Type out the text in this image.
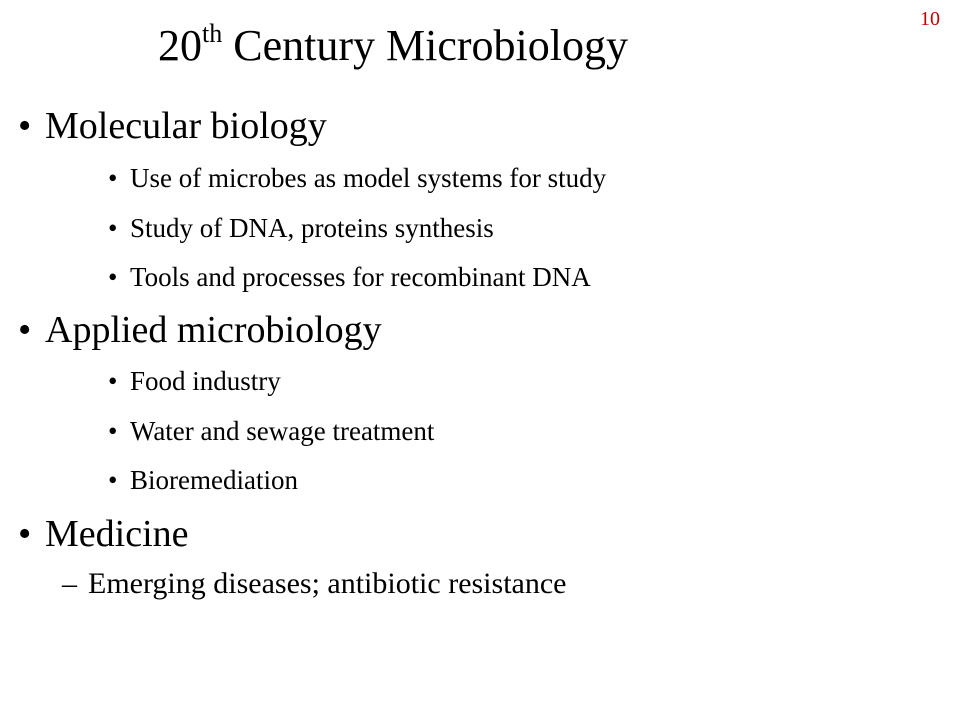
10
20th Century Microbiology
• Molecular biology
• Use of microbes as model systems for study
• Study of DNA, proteins synthesis
• Tools and processes for recombinant DNA
• Applied microbiology
• Food industry
• Water and sewage treatment
• Bioremediation
• Medicine
– Emerging diseases; antibiotic resistance
